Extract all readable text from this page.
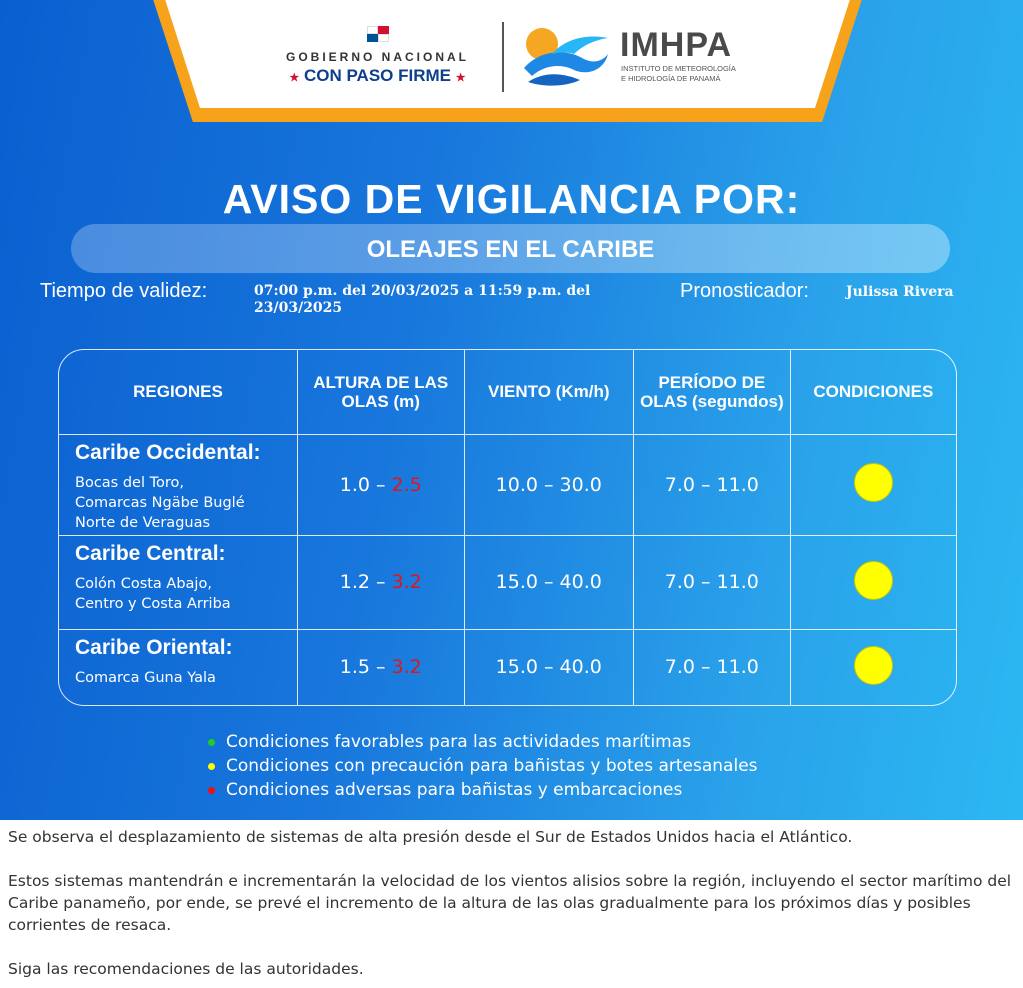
GOBIERNO NACIONAL
★ CON PASO FIRME ★
IMHPA
INSTITUTO DE METEOROLOGÍA
E HIDROLOGÍA DE PANAMÁ
AVISO DE VIGILANCIA POR:
OLEAJES EN EL CARIBE
Tiempo de validez:	07:00 p.m. del 20/03/2025 a 11:59 p.m. del 23/03/2025
Pronosticador:	Julissa Rivera
REGIONES	ALTURA DE LAS OLAS (m)	VIENTO (Km/h)	PERÍODO DE OLAS (segundos)	CONDICIONES

Caribe Occidental:
Bocas del Toro,
Comarcas Ngäbe Buglé
Norte de Veraguas	1.0 – 2.5	10.0 – 30.0	7.0 – 11.0	

Caribe Central:
Colón Costa Abajo,
Centro y Costa Arriba	1.2 – 3.2	15.0 – 40.0	7.0 – 11.0	

Caribe Oriental:
Comarca Guna Yala	1.5 – 3.2	15.0 – 40.0	7.0 – 11.0	
Condiciones favorables para las actividades marítimas
Condiciones con precaución para bañistas y botes artesanales
Condiciones adversas para bañistas y embarcaciones

Se observa el desplazamiento de sistemas de alta presión desde el Sur de Estados Unidos hacia el Atlántico.

Estos sistemas mantendrán e incrementarán la velocidad de los vientos alisios sobre la región, incluyendo el sector marítimo del Caribe panameño, por ende, se prevé el incremento de la altura de las olas gradualmente para los próximos días y posibles corrientes de resaca.

Siga las recomendaciones de las autoridades.
